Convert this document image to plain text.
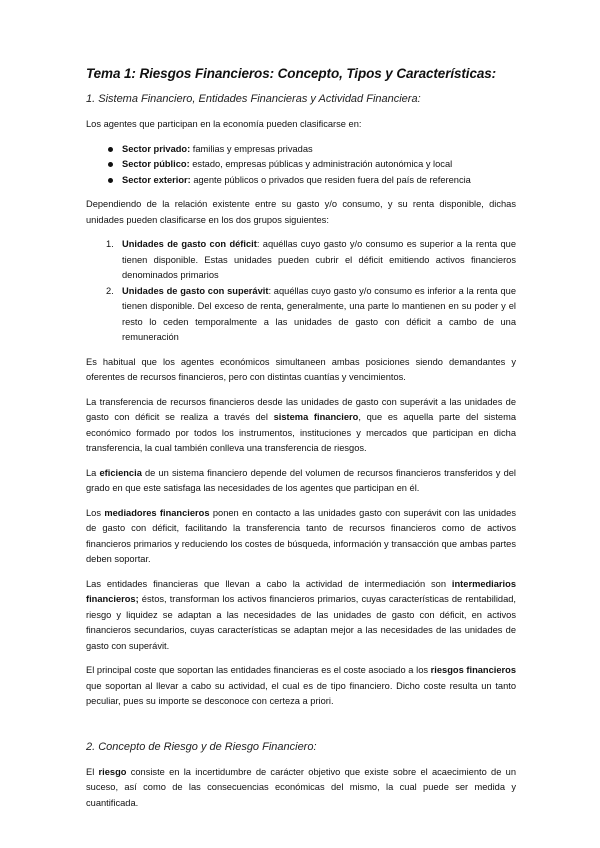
Tema 1: Riesgos Financieros: Concepto, Tipos y Características:
1. Sistema Financiero, Entidades Financieras y Actividad Financiera:

Los agentes que participan en la economía pueden clasificarse en:

Sector privado: familias y empresas privadas
Sector público: estado, empresas públicas y administración autonómica y local
Sector exterior: agente públicos o privados que residen fuera del país de referencia

Dependiendo de la relación existente entre su gasto y/o consumo, y su renta disponible, dichas unidades pueden clasificarse en los dos grupos siguientes:

1. Unidades de gasto con déficit: aquéllas cuyo gasto y/o consumo es superior a la renta que tienen disponible. Estas unidades pueden cubrir el déficit emitiendo activos financieros denominados primarios
2. Unidades de gasto con superávit: aquéllas cuyo gasto y/o consumo es inferior a la renta que tienen disponible. Del exceso de renta, generalmente, una parte lo mantienen en su poder y el resto lo ceden temporalmente a las unidades de gasto con déficit a cambo de una remuneración

Es habitual que los agentes económicos simultaneen ambas posiciones siendo demandantes y oferentes de recursos financieros, pero con distintas cuantías y vencimientos.

La transferencia de recursos financieros desde las unidades de gasto con superávit a las unidades de gasto con déficit se realiza a través del sistema financiero, que es aquella parte del sistema económico formado por todos los instrumentos, instituciones y mercados que participan en dicha transferencia, la cual también conlleva una transferencia de riesgos.

La eficiencia de un sistema financiero depende del volumen de recursos financieros transferidos y del grado en que este satisfaga las necesidades de los agentes que participan en él.

Los mediadores financieros ponen en contacto a las unidades gasto con superávit con las unidades de gasto con déficit, facilitando la transferencia tanto de recursos financieros como de activos financieros primarios y reduciendo los costes de búsqueda, información y transacción que ambas partes deben soportar.

Las entidades financieras que llevan a cabo la actividad de intermediación son intermediarios financieros; éstos, transforman los activos financieros primarios, cuyas características de rentabilidad, riesgo y liquidez se adaptan a las necesidades de las unidades de gasto con déficit, en activos financieros secundarios, cuyas características se adaptan mejor a las necesidades de las unidades de gasto con superávit.

El principal coste que soportan las entidades financieras es el coste asociado a los riesgos financieros que soportan al llevar a cabo su actividad, el cual es de tipo financiero. Dicho coste resulta un tanto peculiar, pues su importe se desconoce con certeza a priori.

2. Concepto de Riesgo y de Riesgo Financiero:

El riesgo consiste en la incertidumbre de carácter objetivo que existe sobre el acaecimiento de un suceso, así como de las consecuencias económicas del mismo, la cual puede ser medida y cuantificada.
